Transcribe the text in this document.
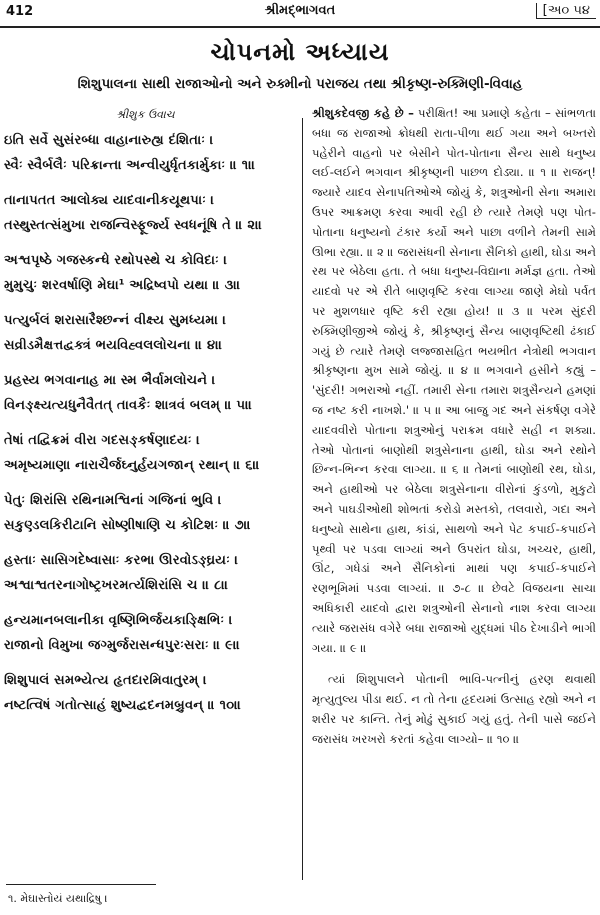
412	શ્રીમદ્ભાગવત	[અ૦ ૫૪
ચોપનમો અધ્યાય
શિશુપાલના સાથી રાજાઓનો અને રુક્મીનો પરાજય તથા શ્રીકૃષ્ણ-રુક્મિણી-વિવાહ
શ્રીશુક ઉવાચ
ઇતિ સર્વે સુસંરબ્ધા વાહાનારુહ્ય દંશિતાઃ ।
સ્વૈઃ સ્વૈર્બલૈઃ પરિક્રાન્તા અન્વીયુર્ધૃતકાર્મુકાઃ ॥ ૧॥
તાનાપતત આલોક્ય યાદવાનીકયૂથપાઃ ।
તસ્થુસ્તત્સંમુખા રાજન્વિસ્ફૂર્જ્ય સ્વધનૂંષિ તે ॥ ૨॥
અશ્વપૃષ્ઠે ગજસ્કન્ધે રથોપસ્થે ચ કોવિદાઃ ।
મુમુચુઃ શરવર્ષાણિ મેઘા¹ અદ્રિષ્વપો યથા ॥ ૩॥
પત્યુર્બલં શરાસારૈશ્છન્નં વીક્ષ્ય સુમધ્યમા ।
સવ્રીડમૈક્ષત્તદ્વક્ત્રં ભયવિહ્વલલોચના ॥ ૪॥
પ્રહસ્ય ભગવાનાહ મા સ્મ ભૈર્વામલોચને ।
વિનઙ્ક્ષ્યત્યધુનૈવૈતત્ તાવકૈઃ શાત્રવં બલમ્ ॥ ૫॥
તેષાં તદ્વિક્રમં વીરા ગદસઙ્કર્ષણાદયઃ ।
અમૃષ્યમાણા નારાચૈર્જઘ્નુર્હયગજાન્ રથાન્ ॥ ૬॥
પેતુઃ શિરાંસિ રથિનામશ્વિનાં ગજિનાં ભુવિ ।
સકુણ્ડલકિરીટાનિ સોષ્ણીષાણિ ચ કોટિશઃ ॥ ૭॥
હસ્તાઃ સાસિગદેષ્વાસાઃ કરભા ઊરવોઽઙ્ઘ્રયઃ ।
અશ્વાશ્વતરનાગોષ્ટ્રખરમર્ત્યશિરાંસિ ચ ॥ ૮॥
હન્યમાનબલાનીકા વૃષ્ણિભિર્જયકાઙ્ક્ષિભિઃ ।
રાજાનો વિમુખા જગ્મુર્જરાસન્ધપુરઃસરાઃ ॥ ૯॥
શિશુપાલં સમભ્યેત્ય હૃતદારમિવાતુરમ્ ।
નષ્ટત્વિષં ગતોત્સાહં શુષ્યદ્વદનમબ્રુવન્ ॥ ૧૦॥

શ્રીશુકદેવજી કહે છે – પરીક્ષિત! આ પ્રમાણે કહેતા – સાંભળતા બધા જ રાજાઓ ક્રોધથી રાતા-પીળા થઈ ગયા અને બખ્તરો પહેરીને વાહનો પર બેસીને પોત-પોતાના સૈન્ય સાથે ધનુષ્ય લઈ-લઈને ભગવાન શ્રીકૃષ્ણની પાછળ દોડ્યા. ॥ ૧ ॥ રાજન્! જ્યારે યાદવ સેનાપતિઓએ જોયું કે, શત્રુઓની સેના અમારા ઉપર આક્રમણ કરવા આવી રહી છે ત્યારે તેમણે પણ પોત-પોતાના ધનુષ્યનો ટંકાર કર્યો અને પાછા વળીને તેમની સામે ઊભા રહ્યા. ॥ ૨ ॥ જરાસંધની સેનાના સૈનિકો હાથી, ઘોડા અને રથ પર બેઠેલા હતા. તે બધા ધનુષ્ય-વિદ્યાના મર્મજ્ઞ હતા. તેઓ યાદવો પર એ રીતે બાણવૃષ્ટિ કરવા લાગ્યા જાણે મેઘો પર્વત પર મુશળધાર વૃષ્ટિ કરી રહ્યા હોય! ॥ ૩ ॥ પરમ સુંદરી રુક્મિણીજીએ જોયું કે, શ્રીકૃષ્ણનું સૈન્ય બાણવૃષ્ટિથી ઢંકાઈ ગયું છે ત્યારે તેમણે લજ્જાસહિત ભયભીત નેત્રોથી ભગવાન શ્રીકૃષ્ણના મુખ સામે જોયું. ॥ ૪ ॥ ભગવાને હસીને કહ્યું – 'સુંદરી! ગભરાઓ નહીં. તમારી સેના તમારા શત્રુસૈન્યને હમણાં જ નષ્ટ કરી નાખશે.' ॥ ૫ ॥ આ બાજુ ગદ અને સંકર્ષણ વગેરે યાદવવીરો પોતાના શત્રુઓનું પરાક્રમ વધારે સહી ન શક્યા. તેઓ પોતાનાં બાણોથી શત્રુસેનાના હાથી, ઘોડા અને રથોને છિન્ન-ભિન્ન કરવા લાગ્યા. ॥ ૬ ॥ તેમનાં બાણોથી રથ, ઘોડા, અને હાથીઓ પર બેઠેલા શત્રુસેનાના વીરોનાં કુંડળો, મુકુટો અને પાઘડીઓથી શોભતાં કરોડો મસ્તકો, તલવારો, ગદા અને ધનુષ્યો સાથેના હાથ, કાંડાં, સાથળો અને પેટ કપાઈ-કપાઈને પૃથ્વી પર પડવા લાગ્યાં અને ઉપરાંત ઘોડા, ખચ્ચર, હાથી, ઊંટ, ગધેડાં અને સૈનિકોનાં માથાં પણ કપાઈ-કપાઈને રણભૂમિમાં પડવા લાગ્યાં. ॥ ૭-૮ ॥ છેવટે વિજયના સાચા અધિકારી યાદવો દ્વારા શત્રુઓની સેનાનો નાશ કરવા લાગ્યા ત્યારે જરાસંધ વગેરે બધા રાજાઓ યુદ્ધમાં પીઠ દેખાડીને ભાગી ગયા. ॥ ૯ ॥

ત્યાં શિશુપાલને પોતાની ભાવિ-પત્નીનું હરણ થવાથી મૃત્યુતુલ્ય પીડા થઈ. ન તો તેના હૃદયમાં ઉત્સાહ રહ્યો અને ન શરીર પર કાન્તિ. તેનું મોઢું સુકાઈ ગયું હતું. તેની પાસે જઈને જરાસંધ ખરખરો કરતાં કહેવા લાગ્યો– ॥ ૧૦ ॥

૧. મેઘાસ્તોયં યથાદ્રિષુ ।
